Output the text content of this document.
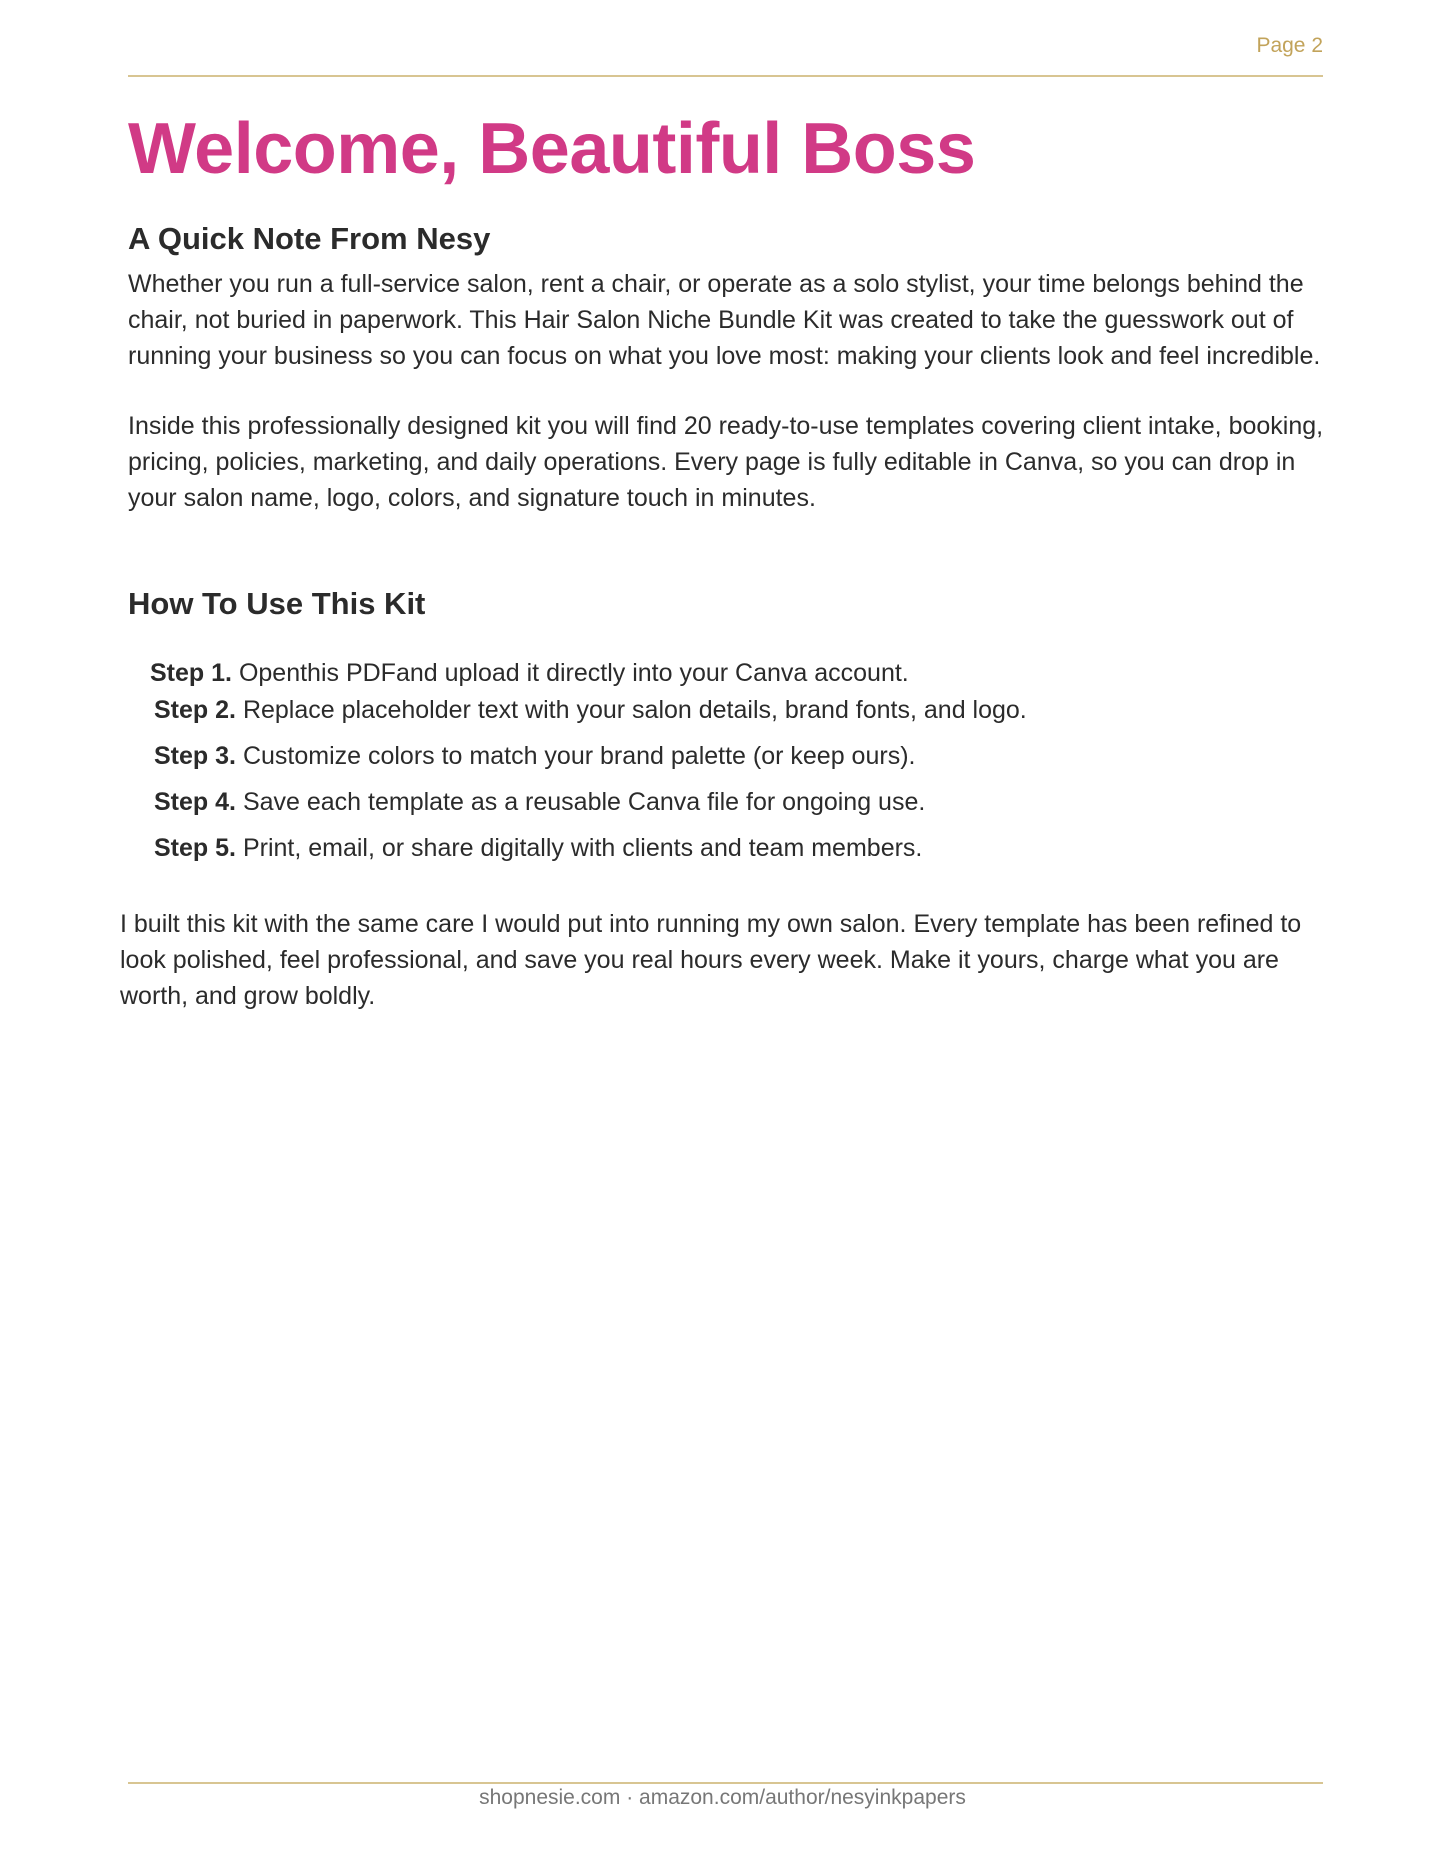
Page 2
Welcome, Beautiful Boss
A Quick Note From Nesy

Whether you run a full-service salon, rent a chair, or operate as a solo stylist, your time belongs behind the chair, not buried in paperwork. This Hair Salon Niche Bundle Kit was created to take the guesswork out of running your business so you can focus on what you love most: making your clients look and feel incredible.

Inside this professionally designed kit you will find 20 ready-to-use templates covering client intake, booking, pricing, policies, marketing, and daily operations. Every page is fully editable in Canva, so you can drop in your salon name, logo, colors, and signature touch in minutes.

How To Use This Kit

Step 1. Openthis PDFand upload it directly into your Canva account.

Step 2. Replace placeholder text with your salon details, brand fonts, and logo.

Step 3. Customize colors to match your brand palette (or keep ours).

Step 4. Save each template as a reusable Canva file for ongoing use.

Step 5. Print, email, or share digitally with clients and team members.

I built this kit with the same care I would put into running my own salon. Every template has been refined to look polished, feel professional, and save you real hours every week. Make it yours, charge what you are worth, and grow boldly.

shopnesie.com · amazon.com/author/nesyinkpapers
